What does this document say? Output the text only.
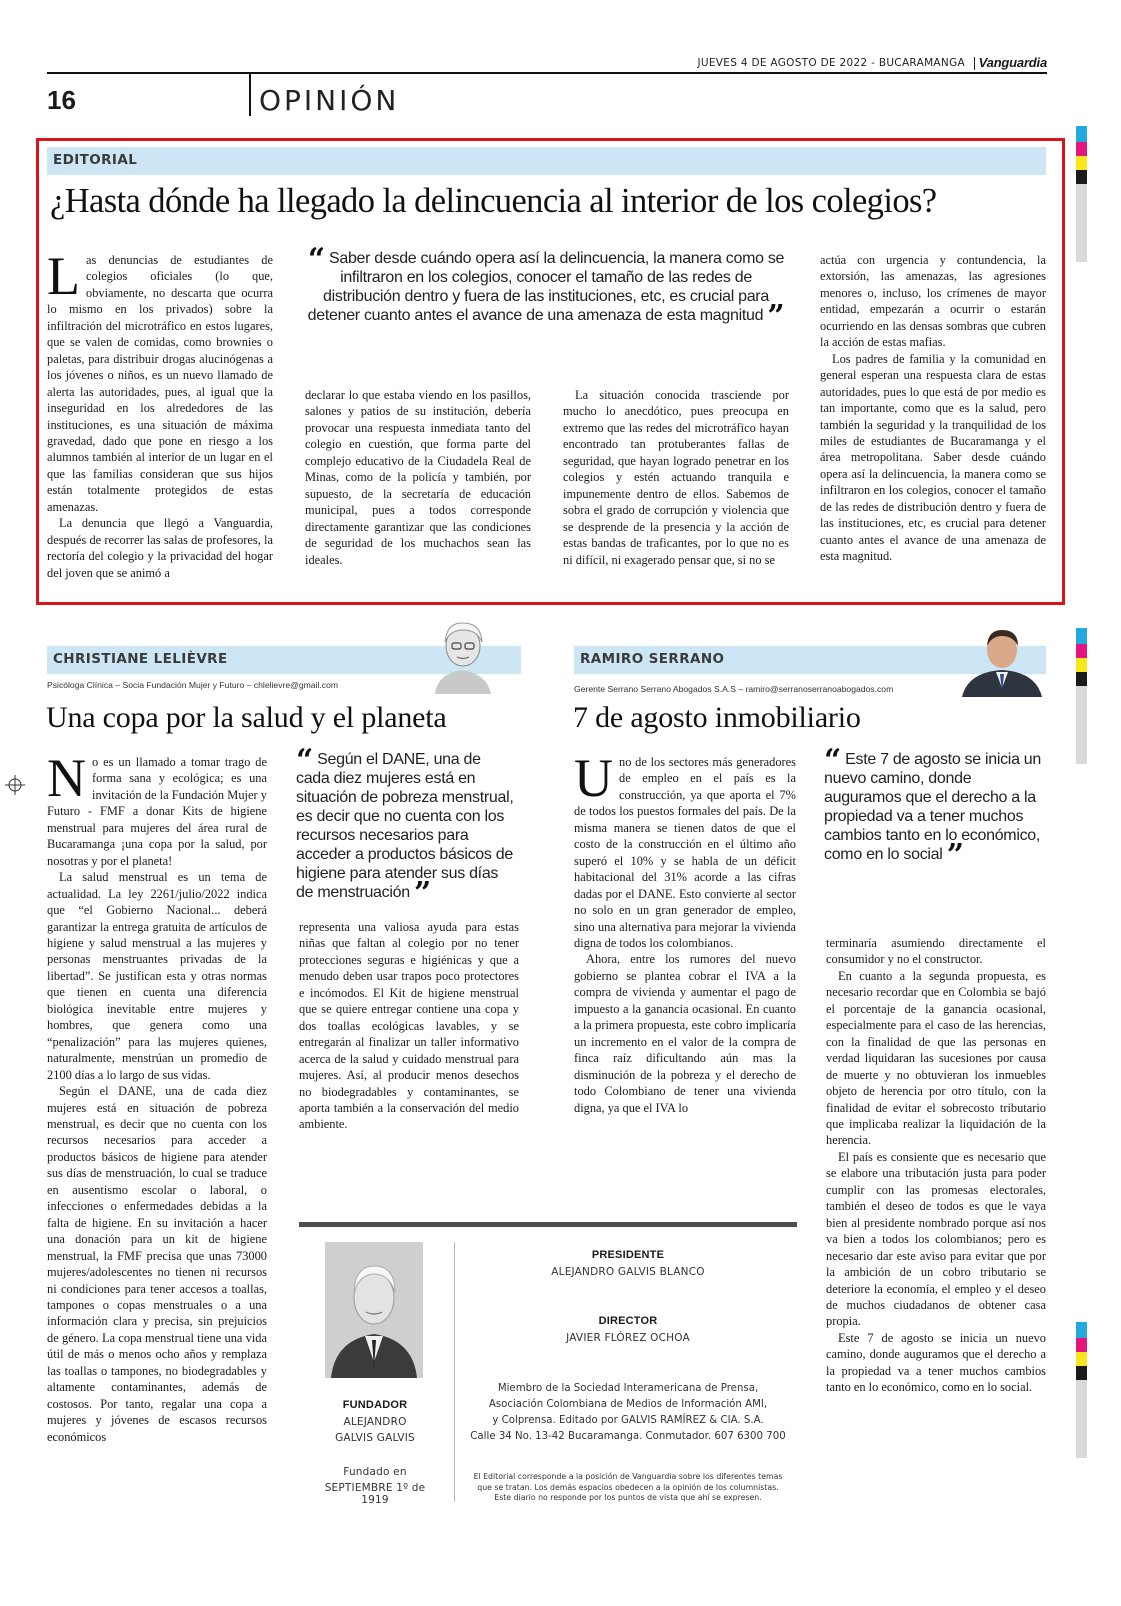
JUEVES 4 DE AGOSTO DE 2022 - BUCARAMANGA Vanguardia
16	OPINIÓN
EDITORIAL
¿Hasta dónde ha llegado la delincuencia al interior de los colegios?
L as denuncias de estudiantes de colegios oficiales (lo que, obviamente, no descarta que ocurra lo mismo en los privados) sobre la infiltración del microtráfico en estos lugares, que se valen de comidas, como brownies o paletas, para distribuir drogas alucinógenas a los jóvenes o niños, es un nuevo llamado de alerta las autoridades, pues, al igual que la inseguridad en los alrededores de las instituciones, es una situación de máxima gravedad, dado que pone en riesgo a los alumnos también al interior de un lugar en el que las familias consideran que sus hijos están totalmente protegidos de estas amenazas.

La denuncia que llegó a Vanguardia, después de recorrer las salas de profesores, la rectoría del colegio y la privacidad del hogar del joven que se animó a

“ Saber desde cuándo opera así la delincuencia, la manera como se infiltraron en los colegios, conocer el tamaño de las redes de distribución dentro y fuera de las instituciones, etc, es crucial para detener cuanto antes el avance de una amenaza de esta magnitud ”

declarar lo que estaba viendo en los pasillos, salones y patios de su institución, debería provocar una respuesta inmediata tanto del colegio en cuestión, que forma parte del complejo educativo de la Ciudadela Real de Minas, como de la policía y también, por supuesto, de la secretaría de educación municipal, pues a todos corresponde directamente garantizar que las condiciones de seguridad de los muchachos sean las ideales.

La situación conocida trasciende por mucho lo anecdótico, pues preocupa en extremo que las redes del microtráfico hayan encontrado tan protuberantes fallas de seguridad, que hayan logrado penetrar en los colegios y estén actuando tranquila e impunemente dentro de ellos. Sabemos de sobra el grado de corrupción y violencia que se desprende de la presencia y la acción de estas bandas de traficantes, por lo que no es ni difícil, ni exagerado pensar que, si no se

actúa con urgencia y contundencia, la extorsión, las amenazas, las agresiones menores o, incluso, los crímenes de mayor entidad, empezarán a ocurrir o estarán ocurriendo en las densas sombras que cubren la acción de estas mafias.

Los padres de familia y la comunidad en general esperan una respuesta clara de estas autoridades, pues lo que está de por medio es tan importante, como que es la salud, pero también la seguridad y la tranquilidad de los miles de estudiantes de Bucaramanga y el área metropolitana. Saber desde cuándo opera así la delincuencia, la manera como se infiltraron en los colegios, conocer el tamaño de las redes de distribución dentro y fuera de las instituciones, etc, es crucial para detener cuanto antes el avance de una amenaza de esta magnitud.

CHRISTIANE LELIÈVRE
Psicóloga Clínica – Socia Fundación Mujer y Futuro – chlelievre@gmail.com
Una copa por la salud y el planeta
N o es un llamado a tomar trago de forma sana y ecológica; es una invitación de la Fundación Mujer y Futuro - FMF a donar Kits de higiene menstrual para mujeres del área rural de Bucaramanga ¡una copa por la salud, por nosotras y por el planeta!

La salud menstrual es un tema de actualidad. La ley 2261/julio/2022 indica que “el Gobierno Nacional... deberá garantizar la entrega gratuita de artículos de higiene y salud menstrual a las mujeres y personas menstruantes privadas de la libertad”. Se justifican esta y otras normas que tienen en cuenta una diferencia biológica inevitable entre mujeres y hombres, que genera como una “penalización” para las mujeres quienes, naturalmente, menstrúan un promedio de 2100 días a lo largo de sus vidas.

Según el DANE, una de cada diez mujeres está en situación de pobreza menstrual, es decir que no cuenta con los recursos necesarios para acceder a productos básicos de higiene para atender sus días de menstruación, lo cual se traduce en ausentismo escolar o laboral, o infecciones o enfermedades debidas a la falta de higiene. En su invitación a hacer una donación para un kit de higiene menstrual, la FMF precisa que unas 73000 mujeres/adolescentes no tienen ni recursos ni condiciones para tener accesos a toallas, tampones o copas menstruales o a una información clara y precisa, sin prejuicios de género. La copa menstrual tiene una vida útil de más o menos ocho años y remplaza las toallas o tampones, no biodegradables y altamente contaminantes, además de costosos. Por tanto, regalar una copa a mujeres y jóvenes de escasos recursos económicos

“ Según el DANE, una de cada diez mujeres está en situación de pobreza menstrual, es decir que no cuenta con los recursos necesarios para acceder a productos básicos de higiene para atender sus días de menstruación ”

representa una valiosa ayuda para estas niñas que faltan al colegio por no tener protecciones seguras e higiénicas y que a menudo deben usar trapos poco protectores e incómodos. El Kit de higiene menstrual que se quiere entregar contiene una copa y dos toallas ecológicas lavables, y se entregarán al finalizar un taller informativo acerca de la salud y cuidado menstrual para mujeres. Así, al producir menos desechos no biodegradables y contaminantes, se aporta también a la conservación del medio ambiente.

RAMIRO SERRANO
Gerente Serrano Serrano Abogados S.A.S – ramiro@serranoserranoabogados.com
7 de agosto inmobiliario
U no de los sectores más generadores de empleo en el país es la construcción, ya que aporta el 7% de todos los puestos formales del país. De la misma manera se tienen datos de que el costo de la construcción en el último año superó el 10% y se habla de un déficit habitacional del 31% acorde a las cifras dadas por el DANE. Esto convierte al sector no solo en un gran generador de empleo, sino una alternativa para mejorar la vivienda digna de todos los colombianos.

Ahora, entre los rumores del nuevo gobierno se plantea cobrar el IVA a la compra de vivienda y aumentar el pago de impuesto a la ganancia ocasional. En cuanto a la primera propuesta, este cobro implicaría un incremento en el valor de la compra de finca raíz dificultando aún mas la disminución de la pobreza y el derecho de todo Colombiano de tener una vivienda digna, ya que el IVA lo

“ Este 7 de agosto se inicia un nuevo camino, donde auguramos que el derecho a la propiedad va a tener muchos cambios tanto en lo económico, como en lo social ”

terminaría asumiendo directamente el consumidor y no el constructor.

En cuanto a la segunda propuesta, es necesario recordar que en Colombia se bajó el porcentaje de la ganancia ocasional, especialmente para el caso de las herencias, con la finalidad de que las personas en verdad liquidaran las sucesiones por causa de muerte y no obtuvieran los inmuebles objeto de herencia por otro título, con la finalidad de evitar el sobrecosto tributario que implicaba realizar la liquidación de la herencia.

El país es consiente que es necesario que se elabore una tributación justa para poder cumplir con las promesas electorales, también el deseo de todos es que le vaya bien al presidente nombrado porque así nos va bien a todos los colombianos; pero es necesario dar este aviso para evitar que por la ambición de un cobro tributario se deteriore la economía, el empleo y el deseo de muchos ciudadanos de obtener casa propia.

Este 7 de agosto se inicia un nuevo camino, donde auguramos que el derecho a la propiedad va a tener muchos cambios tanto en lo económico, como en lo social.

FUNDADOR
ALEJANDRO
GALVIS GALVIS
Fundado en
SEPTIEMBRE 1º de 1919
PRESIDENTE
ALEJANDRO GALVIS BLANCO
DIRECTOR
JAVIER FLÓREZ OCHOA
Miembro de la Sociedad Interamericana de Prensa,
Asociación Colombiana de Medios de Información AMI,
y Colprensa. Editado por GALVIS RAMÍREZ & CIA. S.A.
Calle 34 No. 13-42 Bucaramanga. Conmutador. 607 6300 700
El Editorial corresponde a la posición de Vanguardia sobre los diferentes temas
que se tratan. Los demás espacios obedecen a la opinión de los columnistas.
Este diario no responde por los puntos de vista que ahí se expresen.
